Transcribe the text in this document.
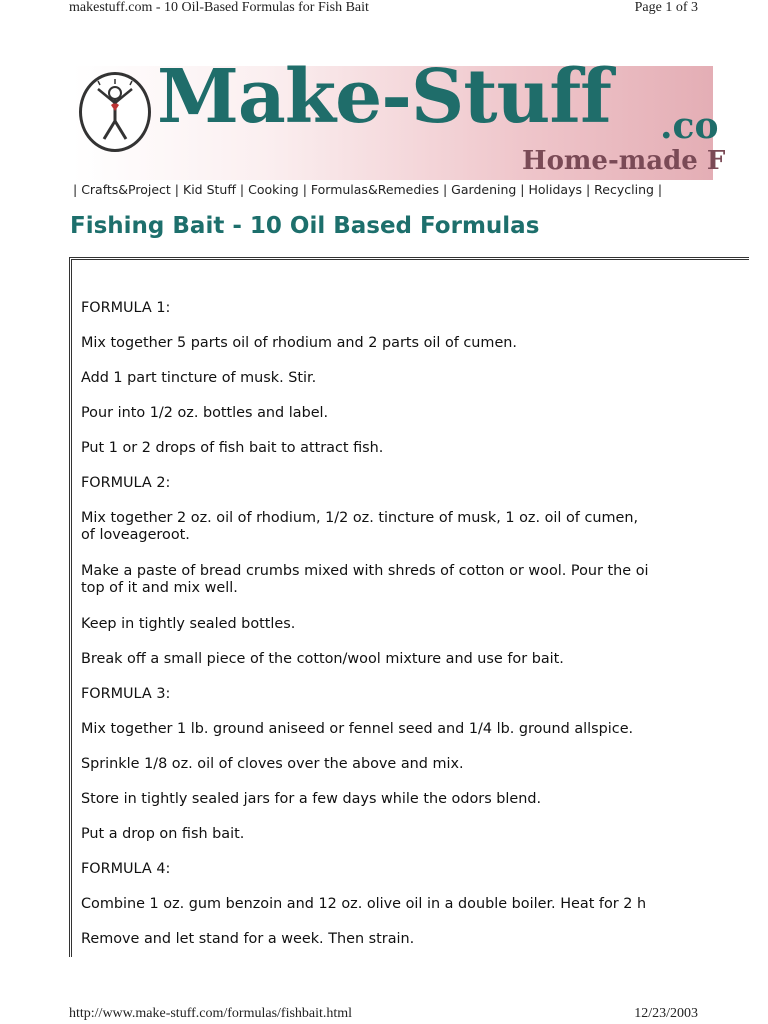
makestuff.com - 10 Oil-Based Formulas for Fish Bait	Page 1 of 3
Make-Stuff .co
Home-made F
| Crafts&Project | Kid Stuff | Cooking | Formulas&Remedies | Gardening | Holidays | Recycling |
Fishing Bait - 10 Oil Based Formulas
FORMULA 1:
Mix together 5 parts oil of rhodium and 2 parts oil of cumen.
Add 1 part tincture of musk. Stir.
Pour into 1/2 oz. bottles and label.
Put 1 or 2 drops of fish bait to attract fish.
FORMULA 2:
Mix together 2 oz. oil of rhodium, 1/2 oz. tincture of musk, 1 oz. oil of cumen,
of loveageroot.
Make a paste of bread crumbs mixed with shreds of cotton or wool. Pour the oi
top of it and mix well.
Keep in tightly sealed bottles.
Break off a small piece of the cotton/wool mixture and use for bait.
FORMULA 3:
Mix together 1 lb. ground aniseed or fennel seed and 1/4 lb. ground allspice.
Sprinkle 1/8 oz. oil of cloves over the above and mix.
Store in tightly sealed jars for a few days while the odors blend.
Put a drop on fish bait.
FORMULA 4:
Combine 1 oz. gum benzoin and 12 oz. olive oil in a double boiler. Heat for 2 h
Remove and let stand for a week. Then strain.
http://www.make-stuff.com/formulas/fishbait.html	12/23/2003
